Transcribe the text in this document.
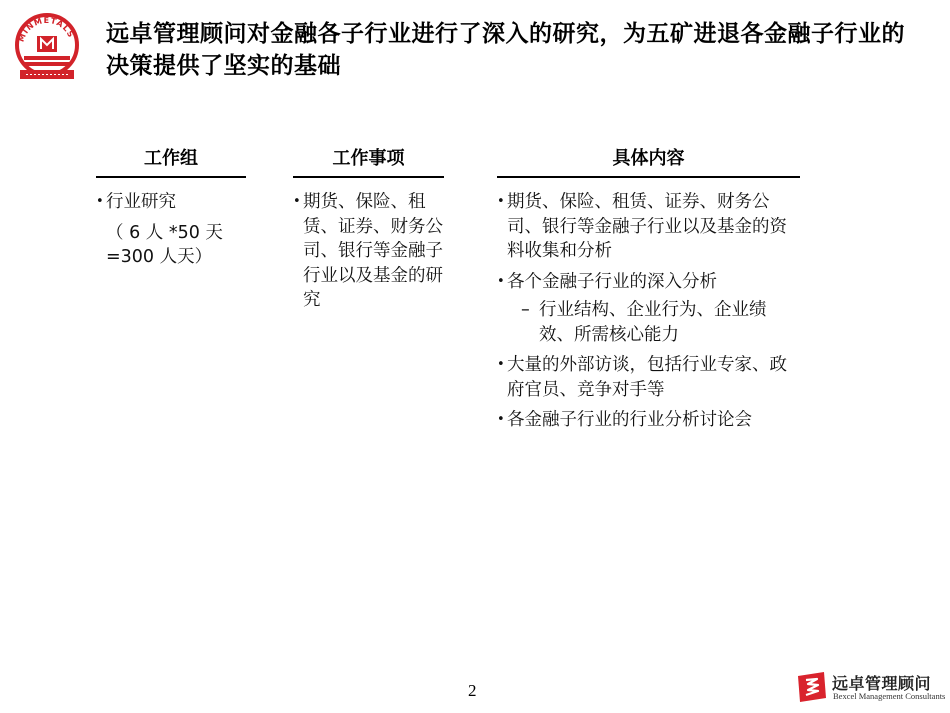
MINMETALS 远卓管理顾问对金融各子行业进行了深入的研究，为五矿进退各金融子行业的决策提供了坚实的基础
工作组
• 行业研究
（ 6 人 *50 天 =300 人天）
工作事项
• 期货、保险、租赁、证券、财务公司、银行等金融子行业以及基金的研究
具体内容
• 期货、保险、租赁、证券、财务公司、银行等金融子行业以及基金的资料收集和分析
• 各个金融子行业的深入分析
– 行业结构、企业行为、企业绩效、所需核心能力
• 大量的外部访谈，包括行业专家、政府官员、竞争对手等
• 各金融子行业的行业分析讨论会
2	远卓管理顾问
Bexcel Management Consultants
